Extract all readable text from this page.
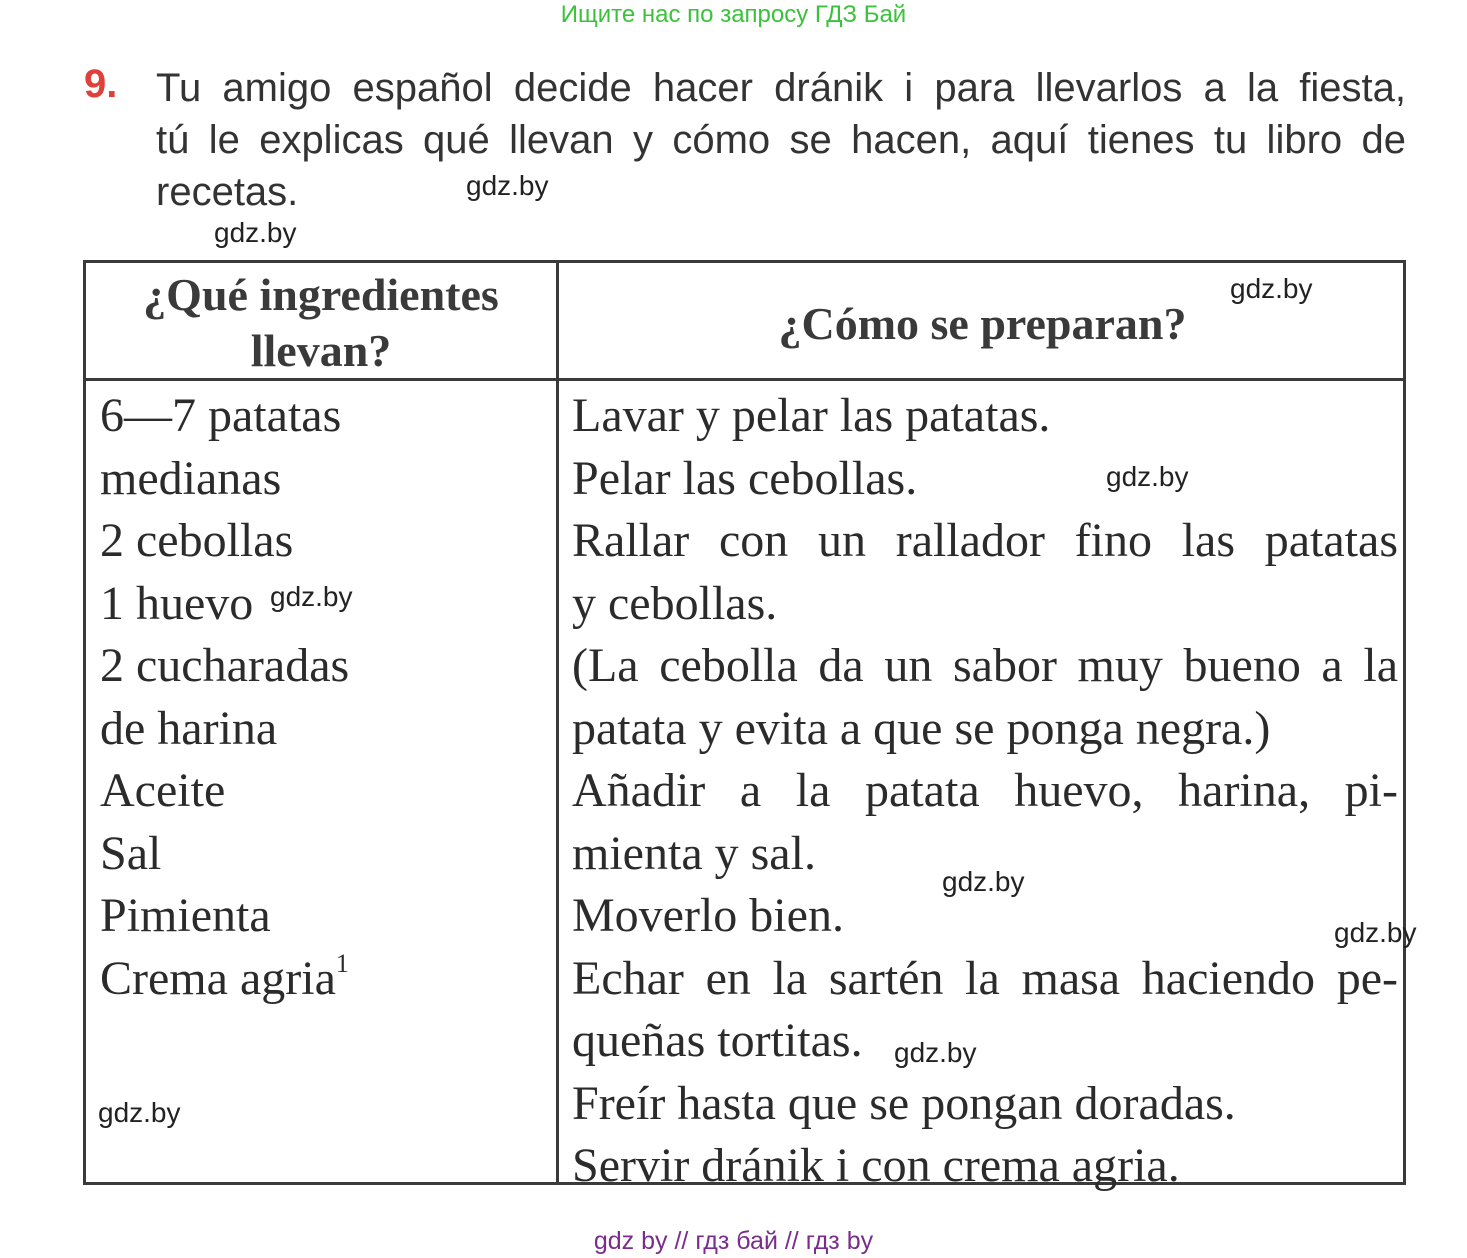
Ищите нас по запросу ГДЗ Бай
9. Tu amigo español decide hacer dránik i para llevarlos a la fiesta,
tú le explicas qué llevan y cómo se hacen, aquí tienes tu libro de
recetas.
¿Qué ingredientes
llevan?
¿Cómo se preparan?
6—7 patatas
medianas
2 cebollas
1 huevo
2 cucharadas
de harina
Aceite
Sal
Pimienta
Crema agria$^1$
Lavar y pelar las patatas.
Pelar las cebollas.
Rallar con un rallador fino las patatas
y cebollas.
(La cebolla da un sabor muy bueno a la
patata y evita a que se ponga negra.)
Añadir a la patata huevo, harina, pi-
mienta y sal.
Moverlo bien.
Echar en la sartén la masa haciendo pe-
queñas tortitas.
Freír hasta que se pongan doradas.
Servir dránik i con crema agria.
gdz.by
gdz.by
gdz.by
gdz.by
gdz.by
gdz.by
gdz.by
gdz.by
gdz.by
gdz by // гдз бай // гдз by
